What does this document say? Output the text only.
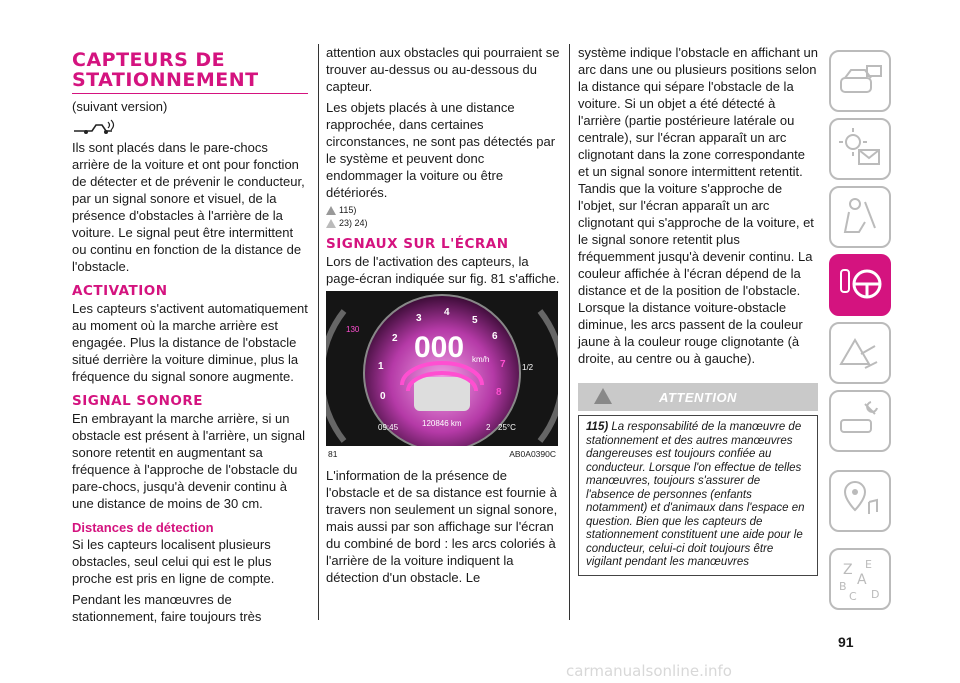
CAPTEURS DE STATIONNEMENT

(suivant version)

Ils sont placés dans le pare-chocs arrière de la voiture et ont pour fonction de détecter et de prévenir le conducteur, par un signal sonore et visuel, de la présence d'obstacles à l'arrière de la voiture. Le signal peut être intermittent ou continu en fonction de la distance de l'obstacle.

ACTIVATION

Les capteurs s'activent automatiquement au moment où la marche arrière est engagée. Plus la distance de l'obstacle situé derrière la voiture diminue, plus la fréquence du signal sonore augmente.

SIGNAL SONORE

En embrayant la marche arrière, si un obstacle est présent à l'arrière, un signal sonore retentit en augmentant sa fréquence à l'approche de l'obstacle du pare-chocs, jusqu'à devenir continu à une distance de moins de 30 cm.

Distances de détection

Si les capteurs localisent plusieurs obstacles, seul celui qui est le plus proche est pris en ligne de compte.

Pendant les manœuvres de stationnement, faire toujours très

attention aux obstacles qui pourraient se trouver au-dessus ou au-dessous du capteur.

Les objets placés à une distance rapprochée, dans certaines circonstances, ne sont pas détectés par le système et peuvent donc endommager la voiture ou être détériorés.

115)
23) 24)
SIGNAUX SUR L'ÉCRAN

Lors de l'activation des capteurs, la page-écran indiquée sur fig. 81 s'affiche.

000 km/h
130
1/2
0
1
2
3
4
5
6
7
8
09:45	120846 km	2 25°C
81	AB0A0390C

L'information de la présence de l'obstacle et de sa distance est fournie à travers non seulement un signal sonore, mais aussi par son affichage sur l'écran du combiné de bord : les arcs coloriés à l'arrière de la voiture indiquent la détection d'un obstacle. Le

système indique l'obstacle en affichant un arc dans une ou plusieurs positions selon la distance qui sépare l'obstacle de la voiture. Si un objet a été détecté à l'arrière (partie postérieure latérale ou centrale), sur l'écran apparaît un arc clignotant dans la zone correspondante et un signal sonore intermittent retentit. Tandis que la voiture s'approche de l'objet, sur l'écran apparaît un arc clignotant qui s'approche de la voiture, et le signal sonore retentit plus fréquemment jusqu'à devenir continu. La couleur affichée à l'écran dépend de la distance et de la position de l'obstacle. Lorsque la distance voiture-obstacle diminue, les arcs passent de la couleur jaune à la couleur rouge clignotante (à droite, au centre ou à gauche).

ATTENTION

115) La responsabilité de la manœuvre de stationnement et des autres manœuvres dangereuses est toujours confiée au conducteur. Lorsque l'on effectue de telles manœuvres, toujours s'assurer de l'absence de personnes (enfants notamment) et d'animaux dans l'espace en question. Bien que les capteurs de stationnement constituent une aide pour le conducteur, celui-ci doit toujours être vigilant pendant les manœuvres	Z E
A
B
C D
91
carmanualsonline.info
